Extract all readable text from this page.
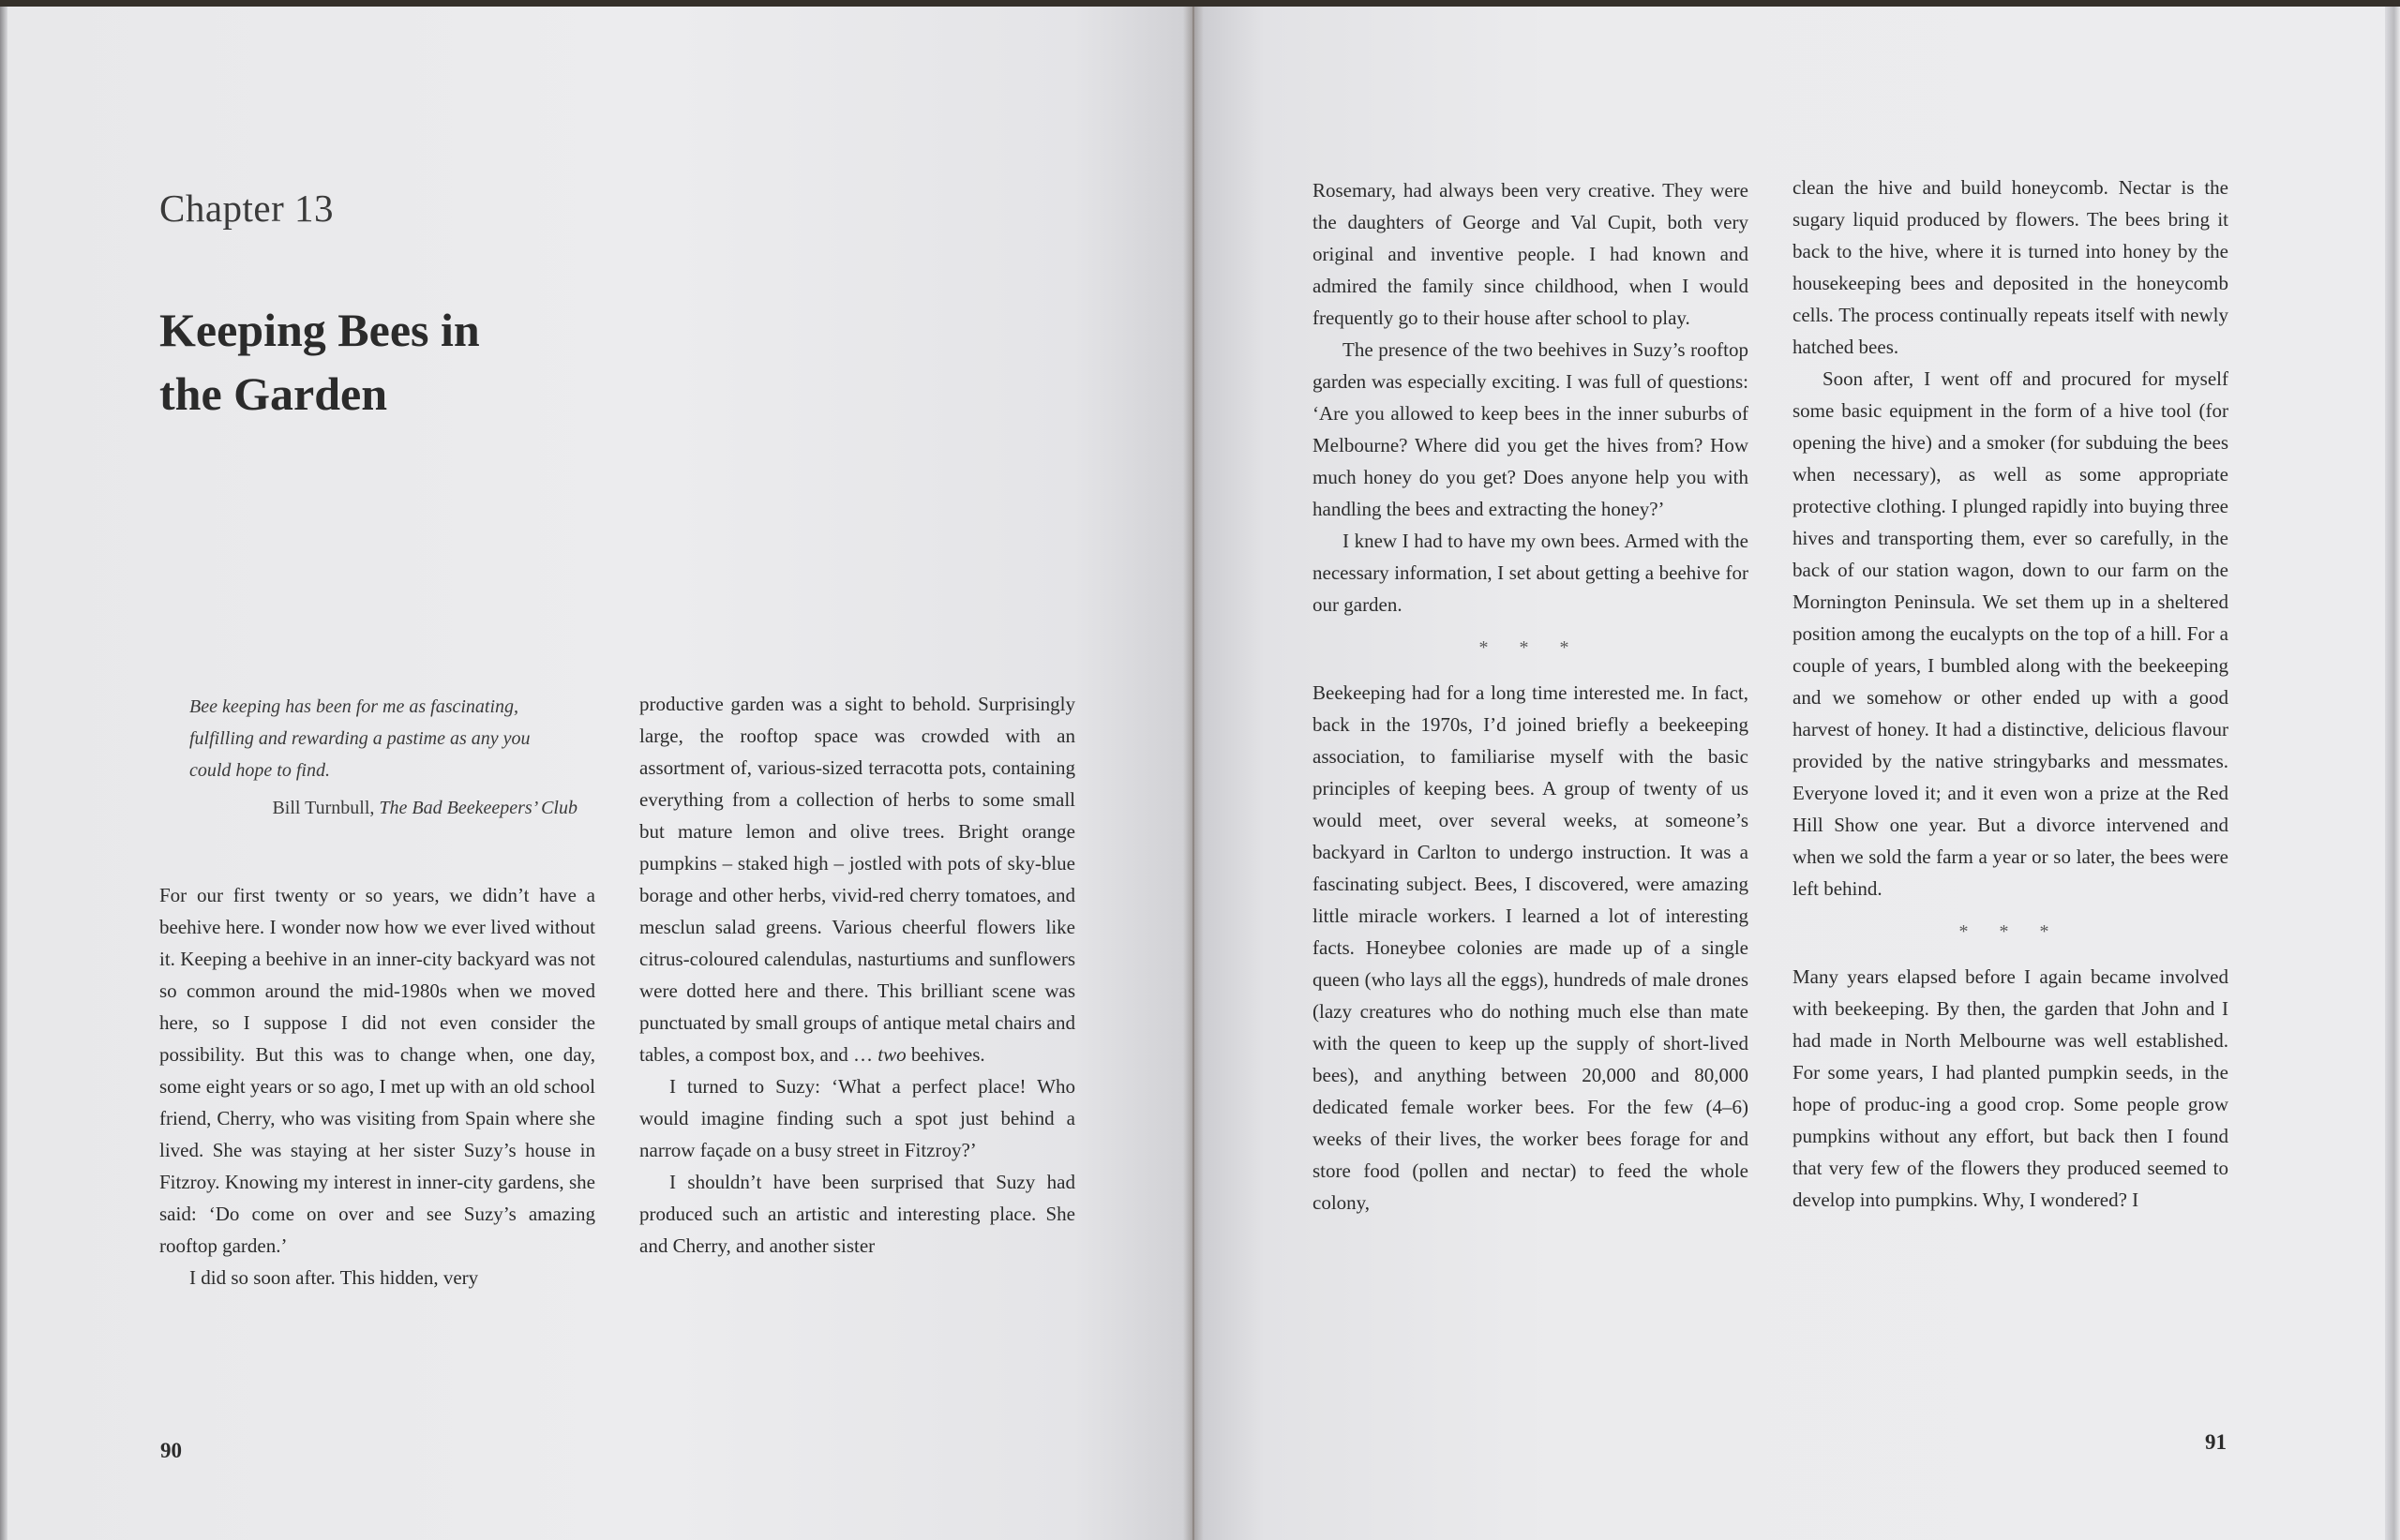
Chapter 13
Keeping Bees in
the Garden
Bee keeping has been for me as fascinating,
fulfilling and rewarding a pastime as any you
could hope to find.
Bill Turnbull, The Bad Beekeepers’ Club

For our first twenty or so years, we didn’t have a beehive here. I wonder now how we ever lived without it. Keeping a beehive in an inner-city backyard was not so common around the mid-1980s when we moved here, so I suppose I did not even consider the possibility. But this was to change when, one day, some eight years or so ago, I met up with an old school friend, Cherry, who was visiting from Spain where she lived. She was staying at her sister Suzy’s house in Fitzroy. Knowing my interest in inner-city gardens, she said: ‘Do come on over and see Suzy’s amazing rooftop garden.’

I did so soon after. This hidden, very

productive garden was a sight to behold. Surprisingly large, the rooftop space was crowded with an assortment of, various-sized terracotta pots, containing everything from a collection of herbs to some small but mature lemon and olive trees. Bright orange pumpkins – staked high – jostled with pots of sky-blue borage and other herbs, vivid-red cherry tomatoes, and mesclun salad greens. Various cheerful flowers like citrus-coloured calendulas, nasturtiums and sunflowers were dotted here and there. This brilliant scene was punctuated by small groups of antique metal chairs and tables, a compost box, and … two beehives.

I turned to Suzy: ‘What a perfect place! Who would imagine finding such a spot just behind a narrow façade on a busy street in Fitzroy?’

I shouldn’t have been surprised that Suzy had produced such an artistic and interesting place. She and Cherry, and another sister

90

Rosemary, had always been very creative. They were the daughters of George and Val Cupit, both very original and inventive people. I had known and admired the family since childhood, when I would frequently go to their house after school to play.

The presence of the two beehives in Suzy’s rooftop garden was especially exciting. I was full of questions: ‘Are you allowed to keep bees in the inner suburbs of Melbourne? Where did you get the hives from? How much honey do you get? Does anyone help you with handling the bees and extracting the honey?’

I knew I had to have my own bees. Armed with the necessary information, I set about getting a beehive for our garden.

* * *

Beekeeping had for a long time interested me. In fact, back in the 1970s, I’d joined briefly a beekeeping association, to familiarise myself with the basic principles of keeping bees. A group of twenty of us would meet, over several weeks, at someone’s backyard in Carlton to undergo instruction. It was a fascinating subject. Bees, I discovered, were amazing little miracle workers. I learned a lot of interesting facts. Honeybee colonies are made up of a single queen (who lays all the eggs), hundreds of male drones (lazy creatures who do nothing much else than mate with the queen to keep up the supply of short-lived bees), and anything between 20,000 and 80,000 dedicated female worker bees. For the few (4–6) weeks of their lives, the worker bees forage for and store food (pollen and nectar) to feed the whole colony,

clean the hive and build honeycomb. Nectar is the sugary liquid produced by flowers. The bees bring it back to the hive, where it is turned into honey by the housekeeping bees and deposited in the honeycomb cells. The process continually repeats itself with newly hatched bees.

Soon after, I went off and procured for myself some basic equipment in the form of a hive tool (for opening the hive) and a smoker (for subduing the bees when necessary), as well as some appropriate protective clothing. I plunged rapidly into buying three hives and transporting them, ever so carefully, in the back of our station wagon, down to our farm on the Mornington Peninsula. We set them up in a sheltered position among the eucalypts on the top of a hill. For a couple of years, I bumbled along with the beekeeping and we somehow or other ended up with a good harvest of honey. It had a distinctive, delicious flavour provided by the native stringybarks and messmates. Everyone loved it; and it even won a prize at the Red Hill Show one year. But a divorce intervened and when we sold the farm a year or so later, the bees were left behind.

* * *

Many years elapsed before I again became involved with beekeeping. By then, the garden that John and I had made in North Melbourne was well established. For some years, I had planted pumpkin seeds, in the hope of produc-ing a good crop. Some people grow pumpkins without any effort, but back then I found that very few of the flowers they produced seemed to develop into pumpkins. Why, I wondered? I

91
